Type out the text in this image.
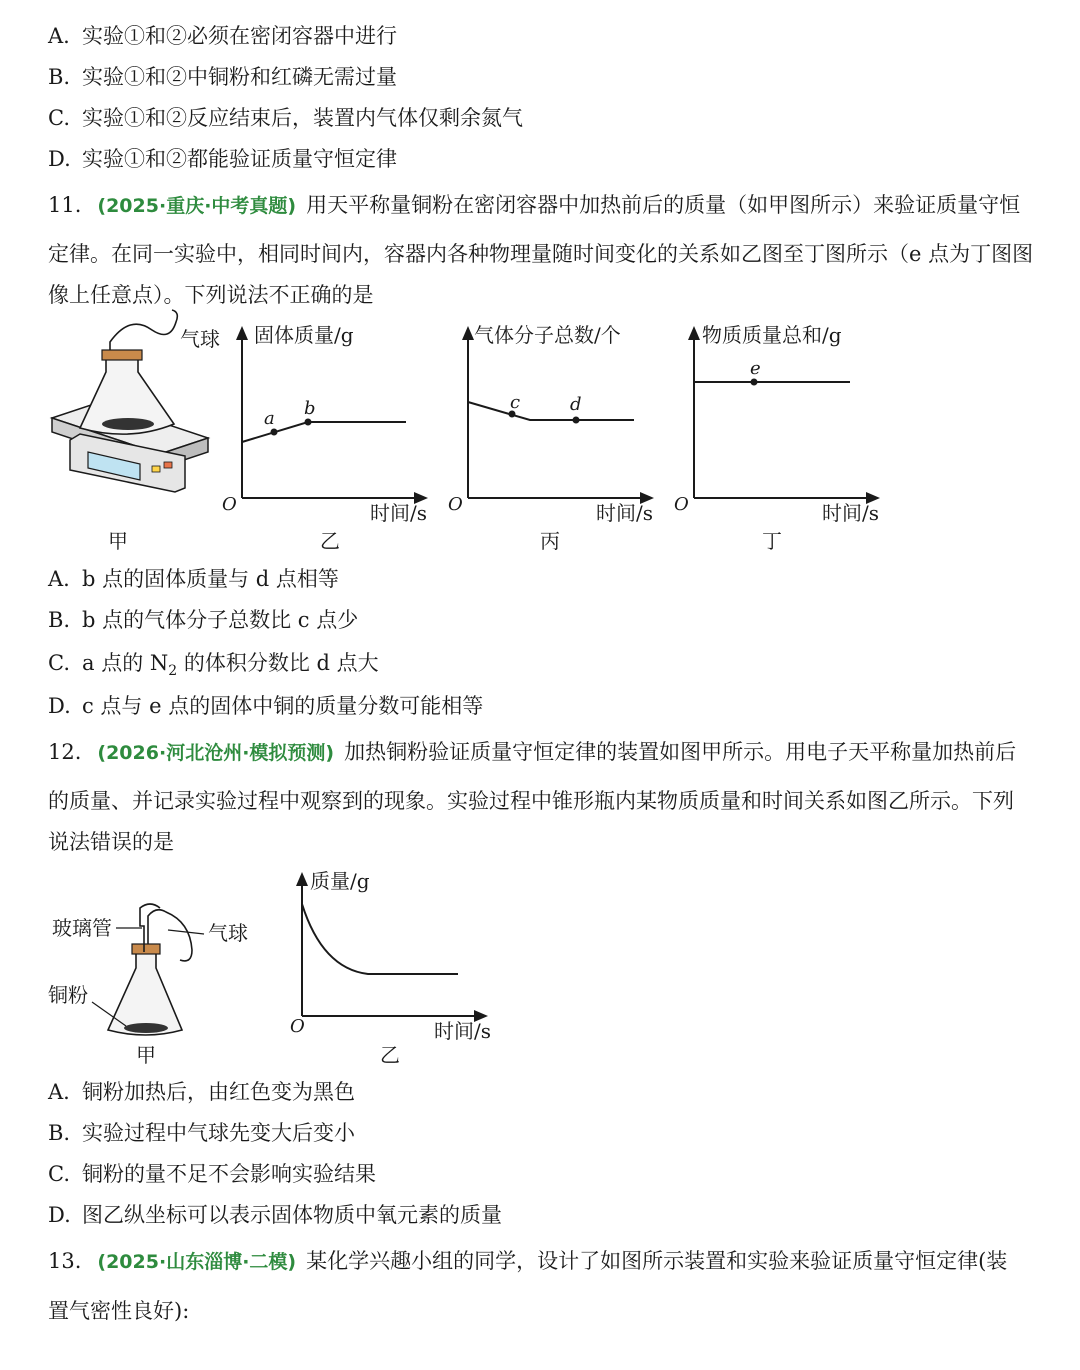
A. 实验①和②必须在密闭容器中进行
B. 实验①和②中铜粉和红磷无需过量
C. 实验①和②反应结束后，装置内气体仅剩余氮气
D. 实验①和②都能验证质量守恒定律
11. (2025·重庆·中考真题) 用天平称量铜粉在密闭容器中加热前后的质量（如甲图所示）来验证质量守恒
定律。在同一实验中，相同时间内，容器内各种物理量随时间变化的关系如乙图至丁图所示（e 点为丁图图
像上任意点）。下列说法不正确的是
气球
甲
a b
固体质量/g
O	时间/s
乙
c	d
气体分子总数/个
O	时间/s
丙
e
物质质量总和/g
O	时间/s
丁
A. b 点的固体质量与 d 点相等
B. b 点的气体分子总数比 c 点少
C. a 点的 $N_2$ 的体积分数比 d 点大
D. c 点与 e 点的固体中铜的质量分数可能相等
12. (2026·河北沧州·模拟预测) 加热铜粉验证质量守恒定律的装置如图甲所示。用电子天平称量加热前后
的质量、并记录实验过程中观察到的现象。实验过程中锥形瓶内某物质质量和时间关系如图乙所示。下列
说法错误的是
玻璃管	气球
铜粉
甲
质量/g
O	时间/s
乙
A. 铜粉加热后，由红色变为黑色
B. 实验过程中气球先变大后变小
C. 铜粉的量不足不会影响实验结果
D. 图乙纵坐标可以表示固体物质中氧元素的质量
13. (2025·山东淄博·二模) 某化学兴趣小组的同学，设计了如图所示装置和实验来验证质量守恒定律(装
置气密性良好):
